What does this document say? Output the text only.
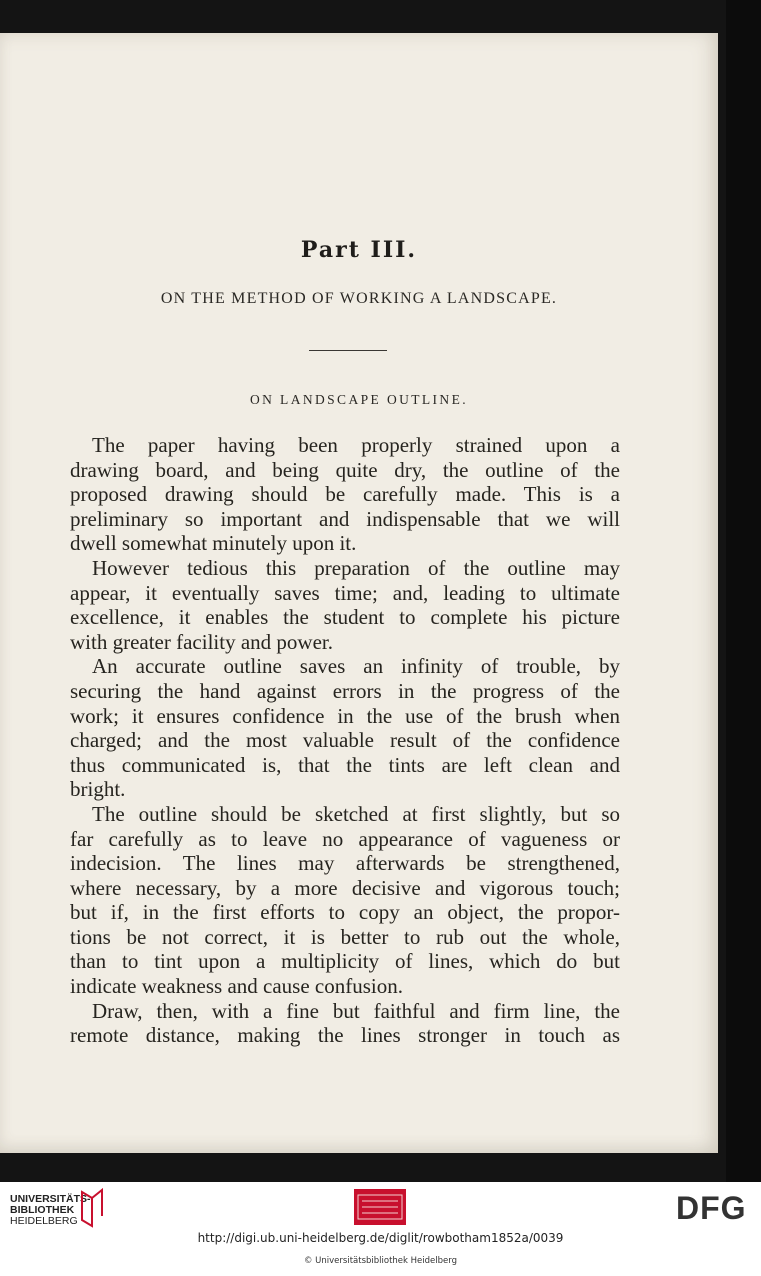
Part III.
ON THE METHOD OF WORKING A LANDSCAPE.
ON LANDSCAPE OUTLINE.
The paper having been properly strained upon a
drawing board, and being quite dry, the outline of the
proposed drawing should be carefully made. This is a
preliminary so important and indispensable that we will
dwell somewhat minutely upon it.
However tedious this preparation of the outline may
appear, it eventually saves time; and, leading to ultimate
excellence, it enables the student to complete his picture
with greater facility and power.
An accurate outline saves an infinity of trouble, by
securing the hand against errors in the progress of the
work; it ensures confidence in the use of the brush when
charged; and the most valuable result of the confidence
thus communicated is, that the tints are left clean and
bright.
The outline should be sketched at first slightly, but so
far carefully as to leave no appearance of vagueness or
indecision. The lines may afterwards be strengthened,
where necessary, by a more decisive and vigorous touch;
but if, in the first efforts to copy an object, the propor-
tions be not correct, it is better to rub out the whole,
than to tint upon a multiplicity of lines, which do but
indicate weakness and cause confusion.
Draw, then, with a fine but faithful and firm line, the
remote distance, making the lines stronger in touch as
UNIVERSITÄTS-
BIBLIOTHEK
HEIDELBERG	DFG
http://digi.ub.uni-heidelberg.de/diglit/rowbotham1852a/0039
© Universitätsbibliothek Heidelberg
